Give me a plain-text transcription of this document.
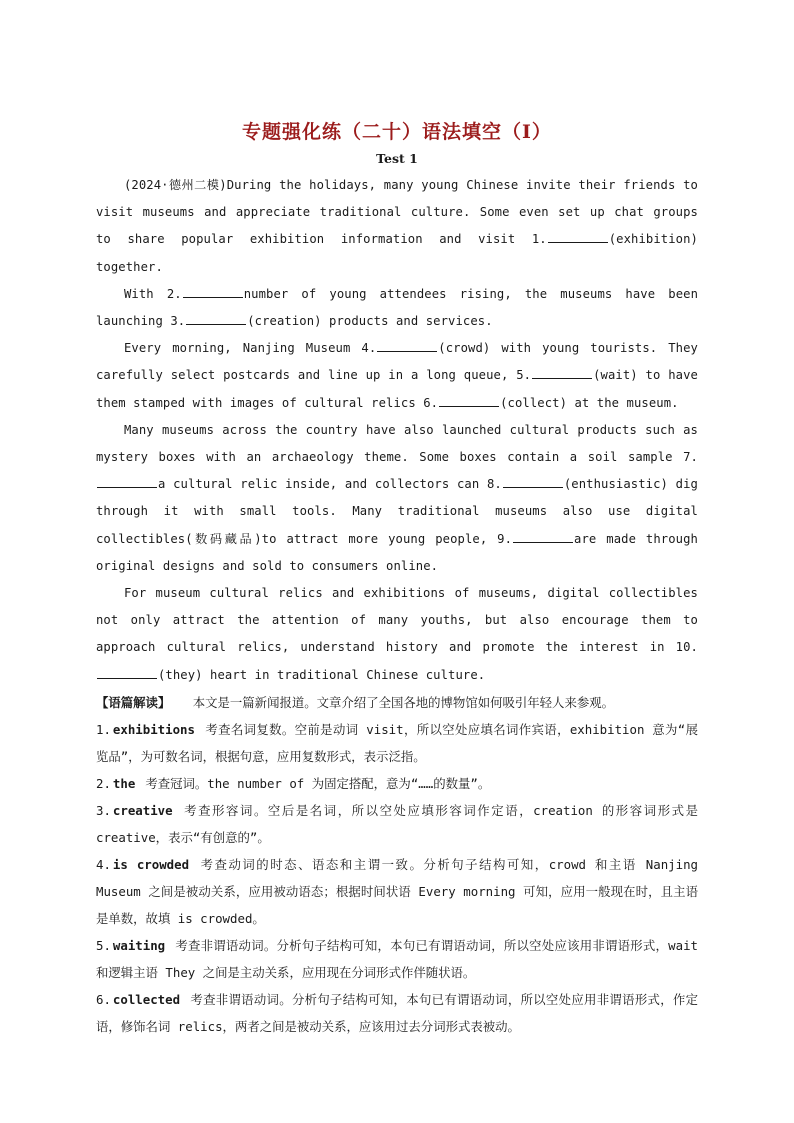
专题强化练（二十）语法填空（Ⅰ）
Test 1

(2024·德州二模)During the holidays, many young Chinese invite their friends to visit museums and appreciate traditional culture. Some even set up chat groups to share popular exhibition information and visit 1.	(exhibition) together.

With 2.	number of young attendees rising, the museums have been launching 3.	(creation) products and services.

Every morning, Nanjing Museum 4.	(crowd) with young tourists. They carefully select postcards and line up in a long queue, 5.	(wait) to have them stamped with images of cultural relics 6.	(collect) at the museum.

Many museums across the country have also launched cultural products such as mystery boxes with an archaeology theme. Some boxes contain a soil sample 7.a cultural relic inside, and collectors can 8.	(enthusiastic) dig through it with small tools. Many traditional museums also use digital collectibles(数码藏品)to attract more young people, 9.	are made through original designs and sold to consumers online.

For museum cultural relics and exhibitions of museums, digital collectibles not only attract the attention of many youths, but also encourage them to approach cultural relics, understand history and promote the interest in 10.(they) heart in traditional Chinese culture.

【语篇解读】 本文是一篇新闻报道。文章介绍了全国各地的博物馆如何吸引年轻人来参观。

1. exhibitions 考查名词复数。空前是动词 visit，所以空处应填名词作宾语，exhibition 意为“展览品”，为可数名词，根据句意，应用复数形式，表示泛指。

2. the 考查冠词。the number of 为固定搭配，意为“……的数量”。

3. creative 考查形容词。空后是名词，所以空处应填形容词作定语，creation 的形容词形式是 creative，表示“有创意的”。

4. is crowded 考查动词的时态、语态和主谓一致。分析句子结构可知，crowd 和主语 Nanjing Museum 之间是被动关系，应用被动语态；根据时间状语 Every morning 可知，应用一般现在时，且主语是单数，故填 is crowded。

5. waiting 考查非谓语动词。分析句子结构可知，本句已有谓语动词，所以空处应该用非谓语形式，wait 和逻辑主语 They 之间是主动关系，应用现在分词形式作伴随状语。

6. collected 考查非谓语动词。分析句子结构可知，本句已有谓语动词，所以空处应用非谓语形式，作定语，修饰名词 relics，两者之间是被动关系，应该用过去分词形式表被动。
